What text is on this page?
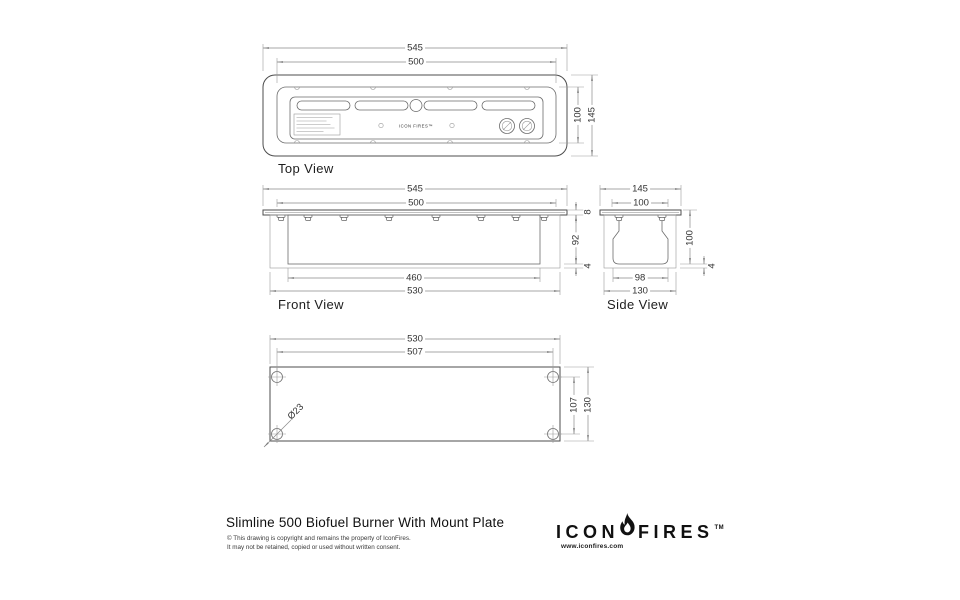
545
500
100 145
ICON FIRES™
Top View
545
500
460
530
8
92
4
Front View
145
100
98
130
100
4
Side View
530
507
107 130
Ø23
Slimline 500 Biofuel Burner With Mount Plate
© This drawing is copyright and remains the property of IconFires.
It may not be retained, copied or used without written consent.
ICON FIRES TM
www.iconfires.com
